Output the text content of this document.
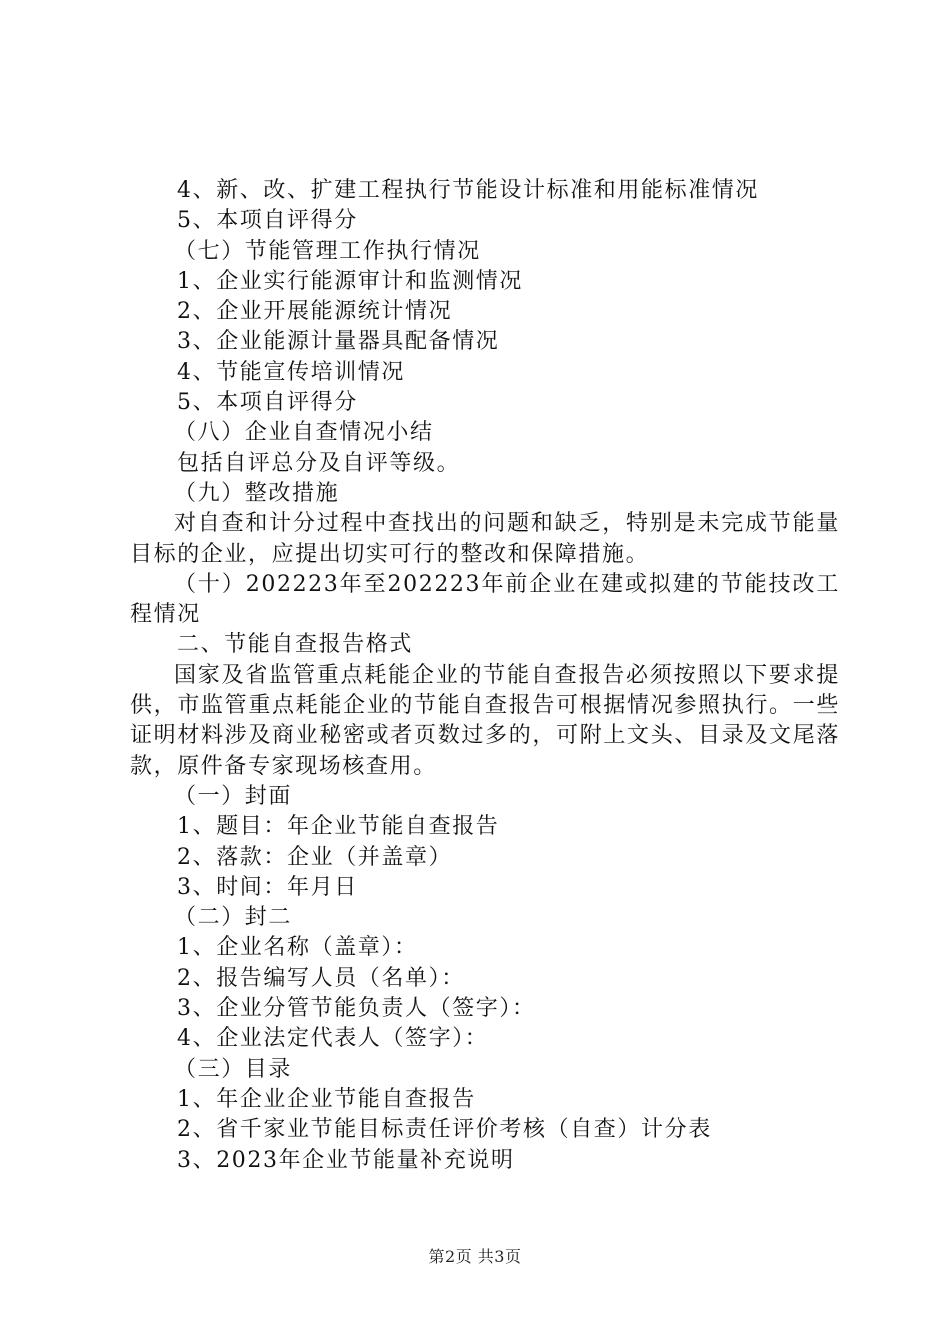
4、新、改、扩建工程执行节能设计标准和用能标准情况
5、本项自评得分
（七）节能管理工作执行情况
1、企业实行能源审计和监测情况
2、企业开展能源统计情况
3、企业能源计量器具配备情况
4、节能宣传培训情况
5、本项自评得分
（八）企业自查情况小结
包括自评总分及自评等级。
（九）整改措施
对自查和计分过程中查找出的问题和缺乏，特别是未完成节能量目标的企业，应提出切实可行的整改和保障措施。
（十）202223年至202223年前企业在建或拟建的节能技改工程情况
二、节能自查报告格式
国家及省监管重点耗能企业的节能自查报告必须按照以下要求提供，市监管重点耗能企业的节能自查报告可根据情况参照执行。一些证明材料涉及商业秘密或者页数过多的，可附上文头、目录及文尾落款，原件备专家现场核查用。
（一）封面
1、题目：年企业节能自查报告
2、落款：企业（并盖章）
3、时间：年月日
（二）封二
1、企业名称（盖章）：
2、报告编写人员（名单）：
3、企业分管节能负责人（签字）：
4、企业法定代表人（签字）：
（三）目录
1、年企业企业节能自查报告
2、省千家业节能目标责任评价考核（自查）计分表
3、2023年企业节能量补充说明
第2页 共3页
